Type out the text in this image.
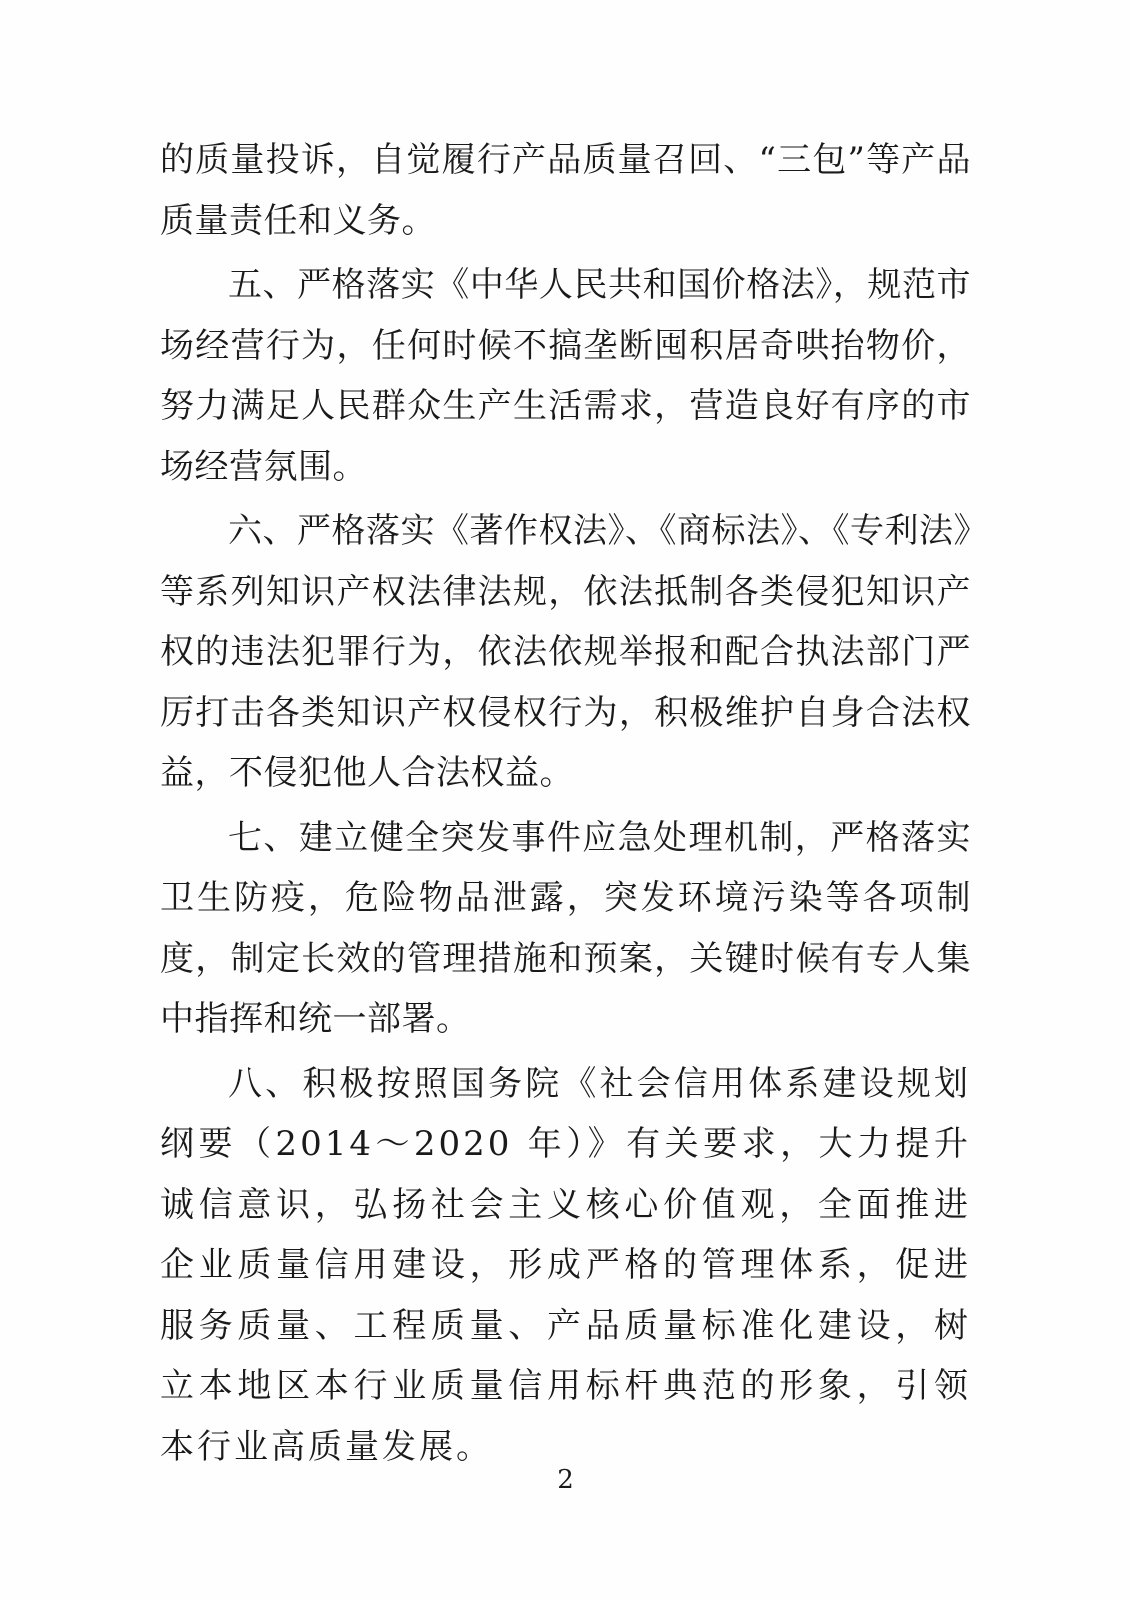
的质量投诉，自觉履行产品质量召回、“三包”等产品质量责任和义务。

五、严格落实《中华人民共和国价格法》，规范市场经营行为，任何时候不搞垄断囤积居奇哄抬物价，努力满足人民群众生产生活需求，营造良好有序的市场经营氛围。

六、严格落实《著作权法》、《商标法》、《专利法》等系列知识产权法律法规，依法抵制各类侵犯知识产权的违法犯罪行为，依法依规举报和配合执法部门严厉打击各类知识产权侵权行为，积极维护自身合法权益，不侵犯他人合法权益。

七、建立健全突发事件应急处理机制，严格落实卫生防疫，危险物品泄露，突发环境污染等各项制度，制定长效的管理措施和预案，关键时候有专人集中指挥和统一部署。

八、积极按照国务院《社会信用体系建设规划纲要（2014～2020 年）》有关要求，大力提升诚信意识，弘扬社会主义核心价值观，全面推进企业质量信用建设，形成严格的管理体系，促进服务质量、工程质量、产品质量标准化建设，树立本地区本行业质量信用标杆典范的形象，引领本行业高质量发展。

2
